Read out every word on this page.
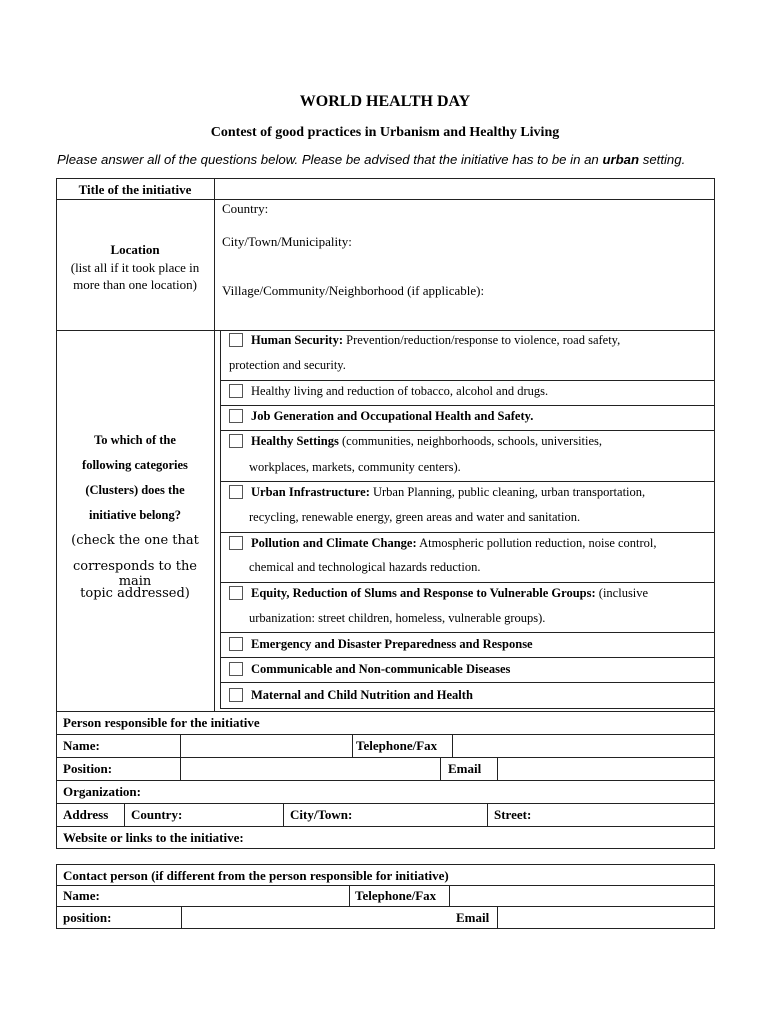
WORLD HEALTH DAY
Contest of good practices in Urbanism and Healthy Living
Please answer all of the questions below. Please be advised that the initiative has to be in an urban setting.
Title of the initiative
Location
(list all if it took place in
more than one location)
Country:
City/Town/Municipality:
Village/Community/Neighborhood (if applicable):
To which of the
following categories
(Clusters) does the
initiative belong?
(check the one that
corresponds to the main
topic addressed)
Human Security: Prevention/reduction/response to violence, road safety,
protection and security.
Healthy living and reduction of tobacco, alcohol and drugs.
Job Generation and Occupational Health and Safety.
Healthy Settings (communities, neighborhoods, schools, universities,
workplaces, markets, community centers).
Urban Infrastructure: Urban Planning, public cleaning, urban transportation,
recycling, renewable energy, green areas and water and sanitation.
Pollution and Climate Change: Atmospheric pollution reduction, noise control,
chemical and technological hazards reduction.
Equity, Reduction of Slums and Response to Vulnerable Groups: (inclusive
urbanization: street children, homeless, vulnerable groups).
Emergency and Disaster Preparedness and Response
Communicable and Non-communicable Diseases
Maternal and Child Nutrition and Health
Person responsible for the initiative
Name:	Telephone/Fax
Position:	Email
Organization:
Address Country:	City/Town:	Street:
Website or links to the initiative:
Contact person (if different from the person responsible for initiative)
Name:	Telephone/Fax
position:	Email
